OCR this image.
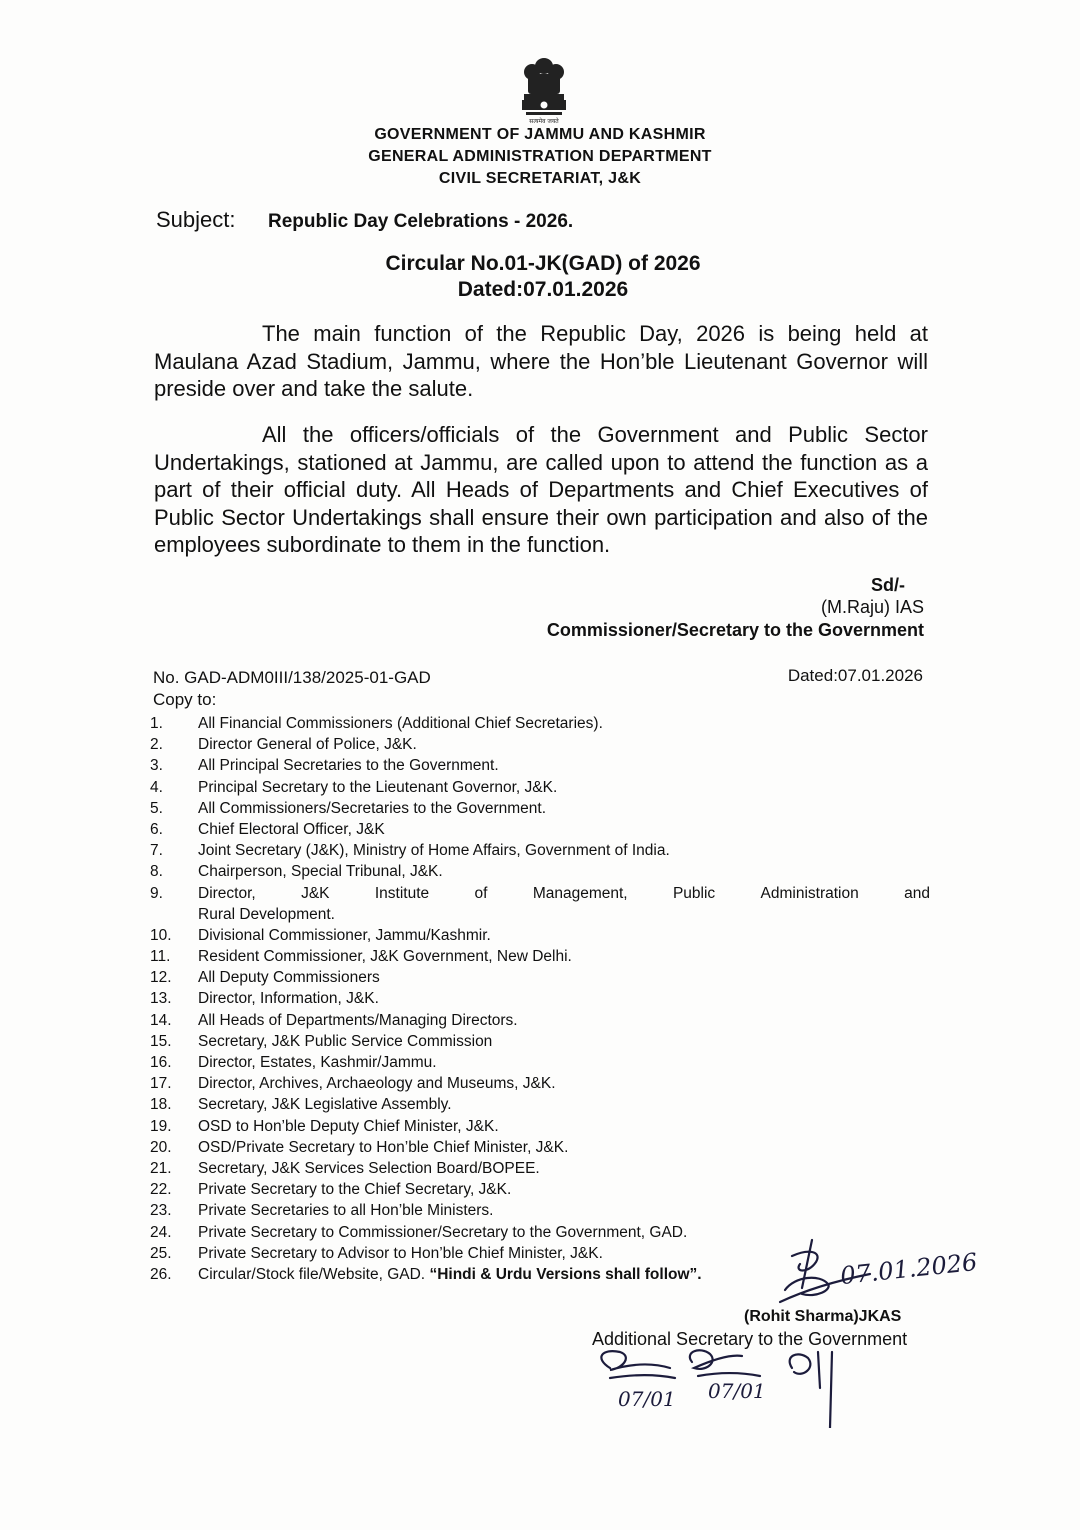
सत्यमेव जयते
GOVERNMENT OF JAMMU AND KASHMIR
GENERAL ADMINISTRATION DEPARTMENT
CIVIL SECRETARIAT, J&K
Subject: Republic Day Celebrations - 2026.
Circular No.01-JK(GAD) of 2026
Dated:07.01.2026
The main function of the Republic Day, 2026 is being held at Maulana Azad Stadium, Jammu, where the Hon’ble Lieutenant Governor will preside over and take the salute.
All the officers/officials of the Government and Public Sector Undertakings, stationed at Jammu, are called upon to attend the function as a part of their official duty. All Heads of Departments and Chief Executives of Public Sector Undertakings shall ensure their own participation and also of the employees subordinate to them in the function.
Sd/-
(M.Raju) IAS
Commissioner/Secretary to the Government
No. GAD-ADM0III/138/2025-01-GAD	Dated:07.01.2026
Copy to:
1.	All Financial Commissioners (Additional Chief Secretaries).
2.	Director General of Police, J&K.
3.	All Principal Secretaries to the Government.
4.	Principal Secretary to the Lieutenant Governor, J&K.
5.	All Commissioners/Secretaries to the Government.
6.	Chief Electoral Officer, J&K
7.	Joint Secretary (J&K), Ministry of Home Affairs, Government of India.
8.	Chairperson, Special Tribunal, J&K.
9.	Director,	J&K	Institute	of	Management,	Public	Administration	and
Rural Development.
10.	Divisional Commissioner, Jammu/Kashmir.
11.	Resident Commissioner, J&K Government, New Delhi.
12.	All Deputy Commissioners
13.	Director, Information, J&K.
14.	All Heads of Departments/Managing Directors.
15.	Secretary, J&K Public Service Commission
16.	Director, Estates, Kashmir/Jammu.
17.	Director, Archives, Archaeology and Museums, J&K.
18.	Secretary, J&K Legislative Assembly.
19.	OSD to Hon’ble Deputy Chief Minister, J&K.
20.	OSD/Private Secretary to Hon’ble Chief Minister, J&K.
21.	Secretary, J&K Services Selection Board/BOPEE.
22.	Private Secretary to the Chief Secretary, J&K.
23.	Private Secretaries to all Hon’ble Ministers.
24.	Private Secretary to Commissioner/Secretary to the Government, GAD.
25.	Private Secretary to Advisor to Hon’ble Chief Minister, J&K.
26.	Circular/Stock file/Website, GAD. “Hindi & Urdu Versions shall follow”.
07/01 07/01
07.01.2026
(Rohit Sharma)JKAS
Additional Secretary to the Government
